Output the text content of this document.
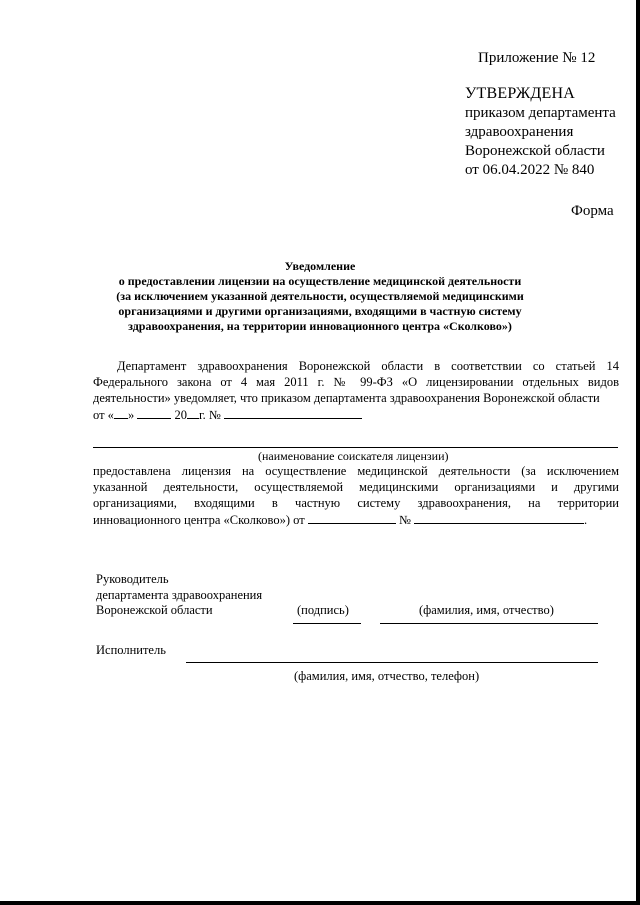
Приложение № 12
УТВЕРЖДЕНА
приказом департамента
здравоохранения
Воронежской области
от 06.04.2022 № 840
Форма
Уведомление
о предоставлении лицензии на осуществление медицинской деятельности
(за исключением указанной деятельности, осуществляемой медицинскими
организациями и другими организациями, входящими в частную систему
здравоохранения, на территории инновационного центра «Сколково»)
Департамент здравоохранения Воронежской области в соответствии со статьей 14
Федерального закона от 4 мая 2011 г. № 99-ФЗ «О лицензировании отдельных видов
деятельности» уведомляет, что приказом департамента здравоохранения Воронежской области
от « »	20 г. №
(наименование соискателя лицензии)
предоставлена лицензия на осуществление медицинской деятельности (за исключением
указанной деятельности, осуществляемой медицинскими организациями и другими
организациями, входящими в частную систему здравоохранения, на территории
инновационного центра «Сколково») от	№	.
Руководитель
департамента здравоохранения
Воронежской области	(подпись)	(фамилия, имя, отчество)
Исполнитель
(фамилия, имя, отчество, телефон)
